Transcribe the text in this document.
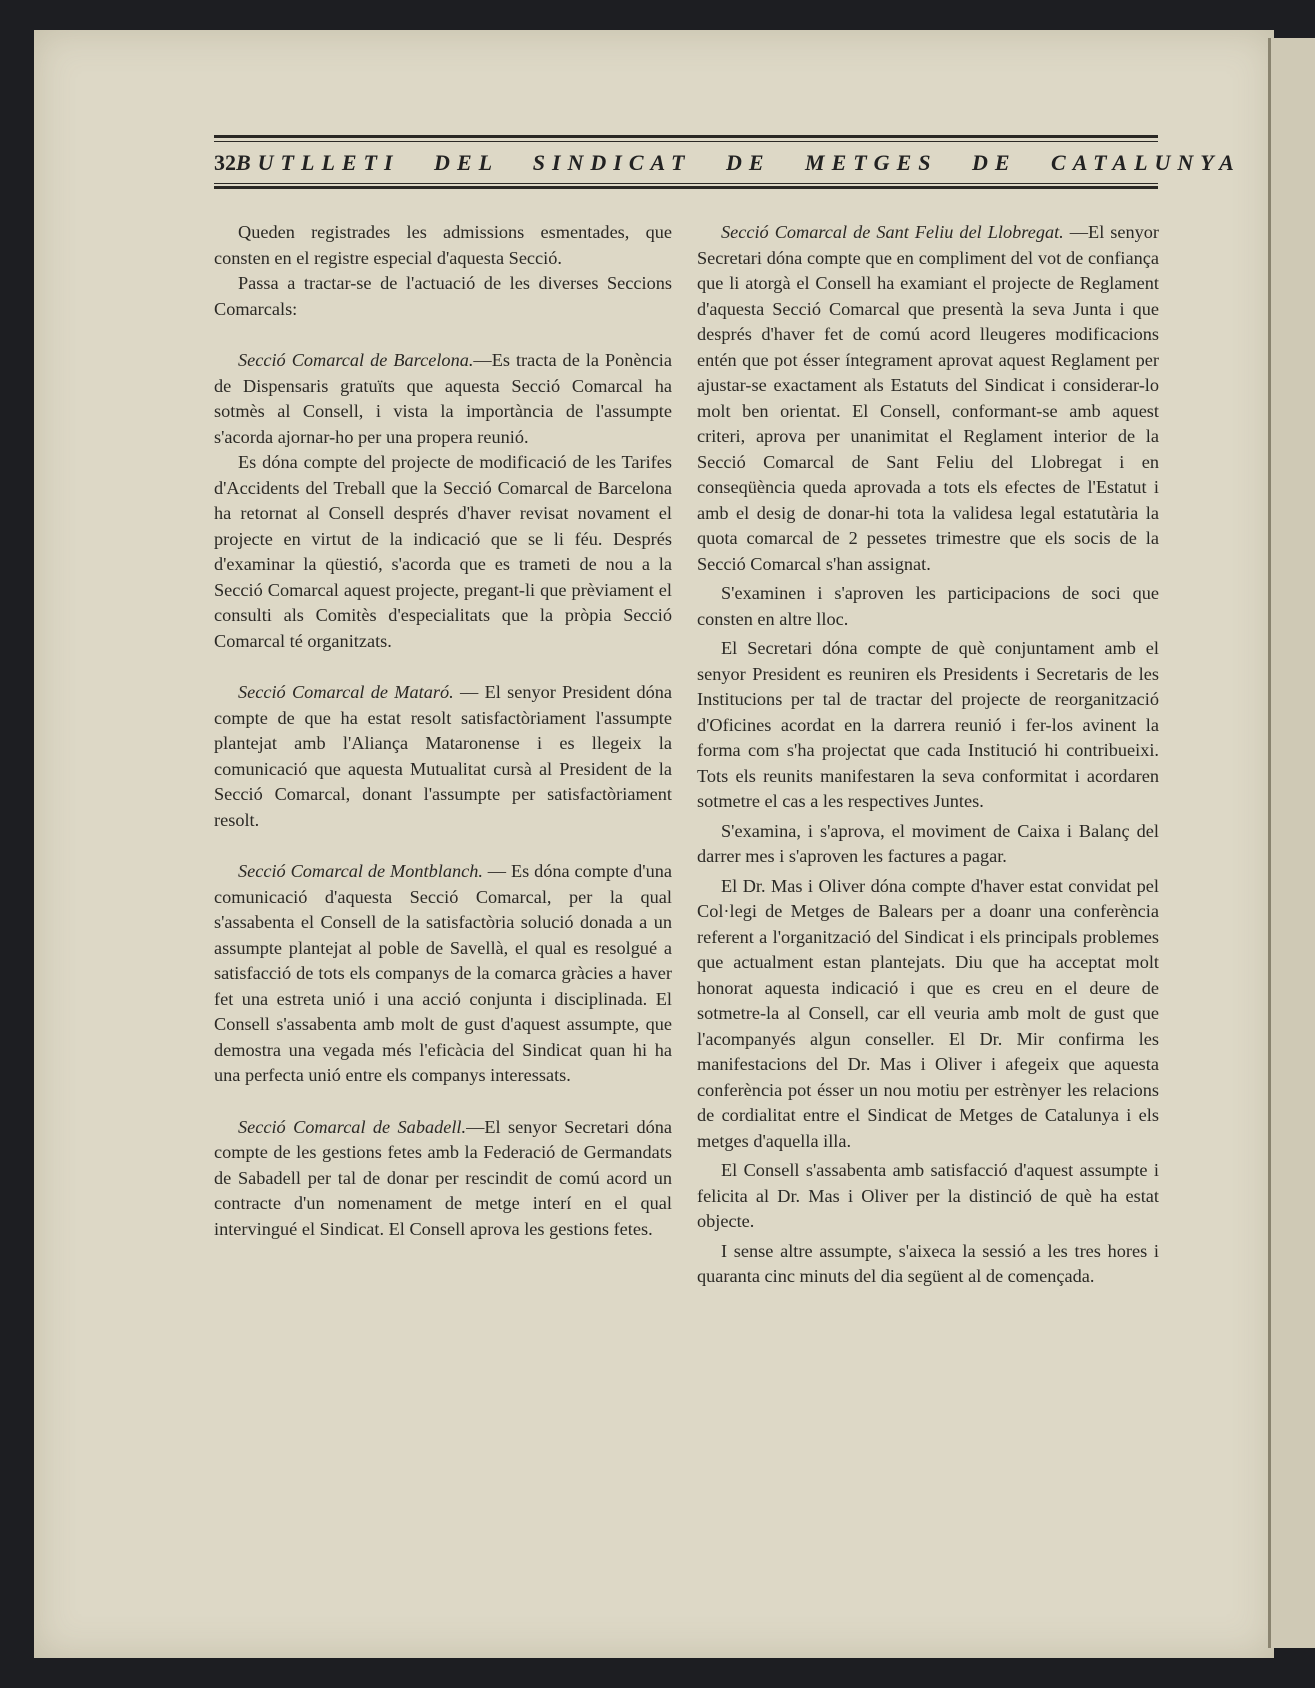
32 BUTLLETI DEL SINDICAT DE METGES DE CATALUNYA

Queden registrades les admissions esmentades, que consten en el registre especial d'aquesta Secció.

Passa a tractar-se de l'actuació de les diverses Seccions Comarcals:

Secció Comarcal de Barcelona.—Es tracta de la Ponència de Dispensaris gratuïts que aquesta Secció Comarcal ha sotmès al Consell, i vista la importància de l'assumpte s'acorda ajornar-ho per una propera reunió.

Es dóna compte del projecte de modificació de les Tarifes d'Accidents del Treball que la Secció Comarcal de Barcelona ha retornat al Consell després d'haver revisat novament el projecte en virtut de la indicació que se li féu. Després d'examinar la qüestió, s'acorda que es trameti de nou a la Secció Comarcal aquest projecte, pregant-li que prèviament el consulti als Comitès d'especialitats que la pròpia Secció Comarcal té organitzats.

Secció Comarcal de Mataró. — El senyor President dóna compte de que ha estat resolt satisfactòriament l'assumpte plantejat amb l'Aliança Mataronense i es llegeix la comunicació que aquesta Mutualitat cursà al President de la Secció Comarcal, donant l'assumpte per satisfactòriament resolt.

Secció Comarcal de Montblanch. — Es dóna compte d'una comunicació d'aquesta Secció Comarcal, per la qual s'assabenta el Consell de la satisfactòria solució donada a un assumpte plantejat al poble de Savellà, el qual es resolgué a satisfacció de tots els companys de la comarca gràcies a haver fet una estreta unió i una acció conjunta i disciplinada. El Consell s'assabenta amb molt de gust d'aquest assumpte, que demostra una vegada més l'eficàcia del Sindicat quan hi ha una perfecta unió entre els companys interessats.

Secció Comarcal de Sabadell.—El senyor Secretari dóna compte de les gestions fetes amb la Federació de Germandats de Sabadell per tal de donar per rescindit de comú acord un contracte d'un nomenament de metge interí en el qual intervingué el Sindicat. El Consell aprova les gestions fetes.

Secció Comarcal de Sant Feliu del Llobregat. —El senyor Secretari dóna compte que en compliment del vot de confiança que li atorgà el Consell ha examiant el projecte de Reglament d'aquesta Secció Comarcal que presentà la seva Junta i que després d'haver fet de comú acord lleugeres modificacions entén que pot ésser íntegrament aprovat aquest Reglament per ajustar-se exactament als Estatuts del Sindicat i considerar-lo molt ben orientat. El Consell, conformant-se amb aquest criteri, aprova per unanimitat el Reglament interior de la Secció Comarcal de Sant Feliu del Llobregat i en conseqüència queda aprovada a tots els efectes de l'Estatut i amb el desig de donar-hi tota la validesa legal estatutària la quota comarcal de 2 pessetes trimestre que els socis de la Secció Comarcal s'han assignat.

S'examinen i s'aproven les participacions de soci que consten en altre lloc.

El Secretari dóna compte de què conjuntament amb el senyor President es reuniren els Presidents i Secretaris de les Institucions per tal de tractar del projecte de reorganització d'Oficines acordat en la darrera reunió i fer-los avinent la forma com s'ha projectat que cada Institució hi contribueixi. Tots els reunits manifestaren la seva conformitat i acordaren sotmetre el cas a les respectives Juntes.

S'examina, i s'aprova, el moviment de Caixa i Balanç del darrer mes i s'aproven les factures a pagar.

El Dr. Mas i Oliver dóna compte d'haver estat convidat pel Col·legi de Metges de Balears per a doanr una conferència referent a l'organització del Sindicat i els principals problemes que actualment estan plantejats. Diu que ha acceptat molt honorat aquesta indicació i que es creu en el deure de sotmetre-la al Consell, car ell veuria amb molt de gust que l'acompanyés algun conseller. El Dr. Mir confirma les manifestacions del Dr. Mas i Oliver i afegeix que aquesta conferència pot ésser un nou motiu per estrènyer les relacions de cordialitat entre el Sindicat de Metges de Catalunya i els metges d'aquella illa.

El Consell s'assabenta amb satisfacció d'aquest assumpte i felicita al Dr. Mas i Oliver per la distinció de què ha estat objecte.

I sense altre assumpte, s'aixeca la sessió a les tres hores i quaranta cinc minuts del dia següent al de començada.
